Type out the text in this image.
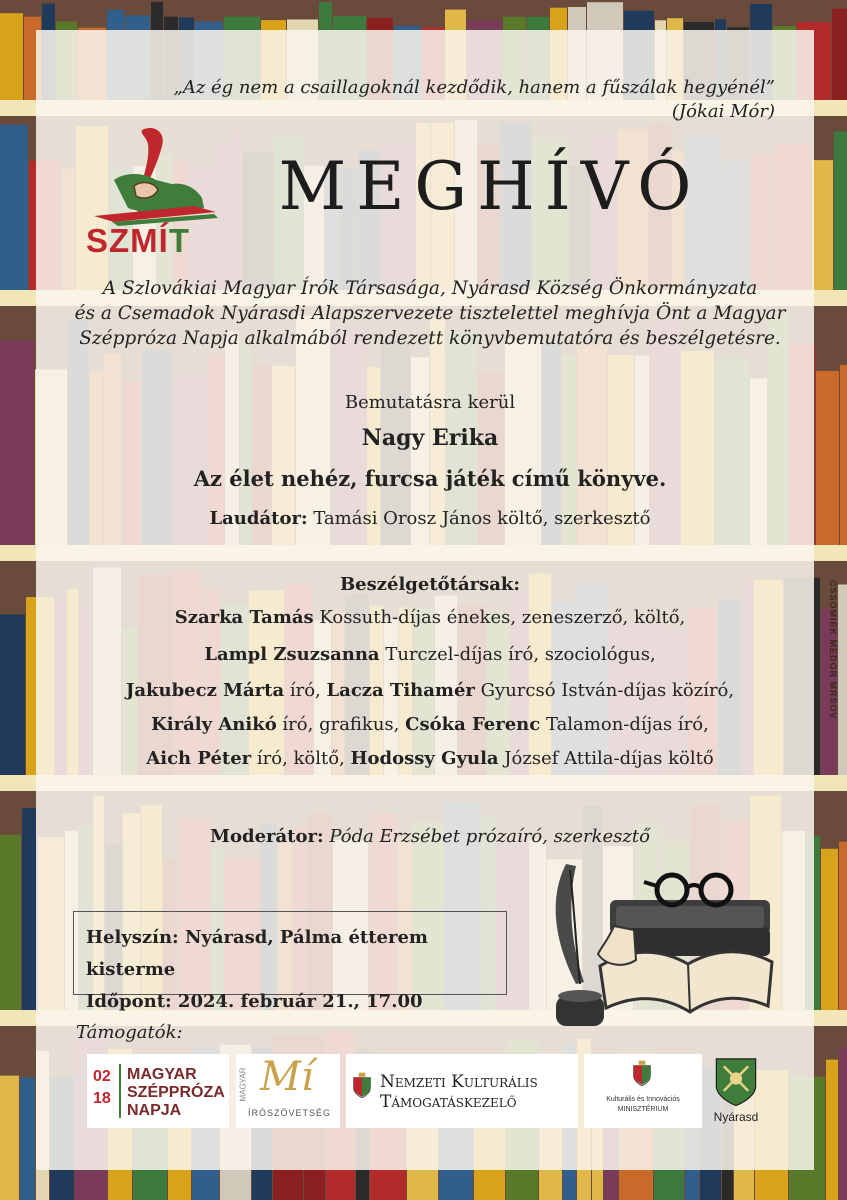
„Az ég nem a csaillagoknál kezdődik, hanem a fűszálak hegyénél”
(Jókai Mór)
SZMÍT
MEGHÍVÓ
A Szlovákiai Magyar Írók Társasága, Nyárasd Község Önkormányzata
és a Csemadok Nyárasdi Alapszervezete tisztelettel meghívja Önt a Magyar
Széppróza Napja alkalmából rendezett könyvbemutatóra és beszélgetésre.
Bemutatásra kerül
Nagy Erika
Az élet nehéz, furcsa játék című könyve.
Laudátor: Tamási Orosz János költő, szerkesztő
Beszélgetőtársak:
Szarka Tamás Kossuth-díjas énekes, zeneszerző, költő,
Lampl Zsuzsanna Turczel-díjas író, szociológus,
Jakubecz Márta író, Lacza Tihamér Gyurcsó István-díjas közíró,
Király Anikó író, grafikus, Csóka Ferenc Talamon-díjas író,
Aich Péter író, költő, Hodossy Gyula József Attila-díjas költő
Moderátor: Póda Erzsébet prózaíró, szerkesztő
Helyszín: Nyárasd, Pálma étterem kisterme
Időpont: 2024. február 21., 17.00
Támogatók:
02
18
MAGYAR
SZÉPPRÓZA
NAPJA
MAGYAR Mí
ÍRÓSZÖVETSÉG
Nemzeti Kulturális
Támogatáskezelő	Kulturális és Innovációs
MINISZTÉRIUM
Nyárasd
CSSOMIEK MEDOR MRSOV
